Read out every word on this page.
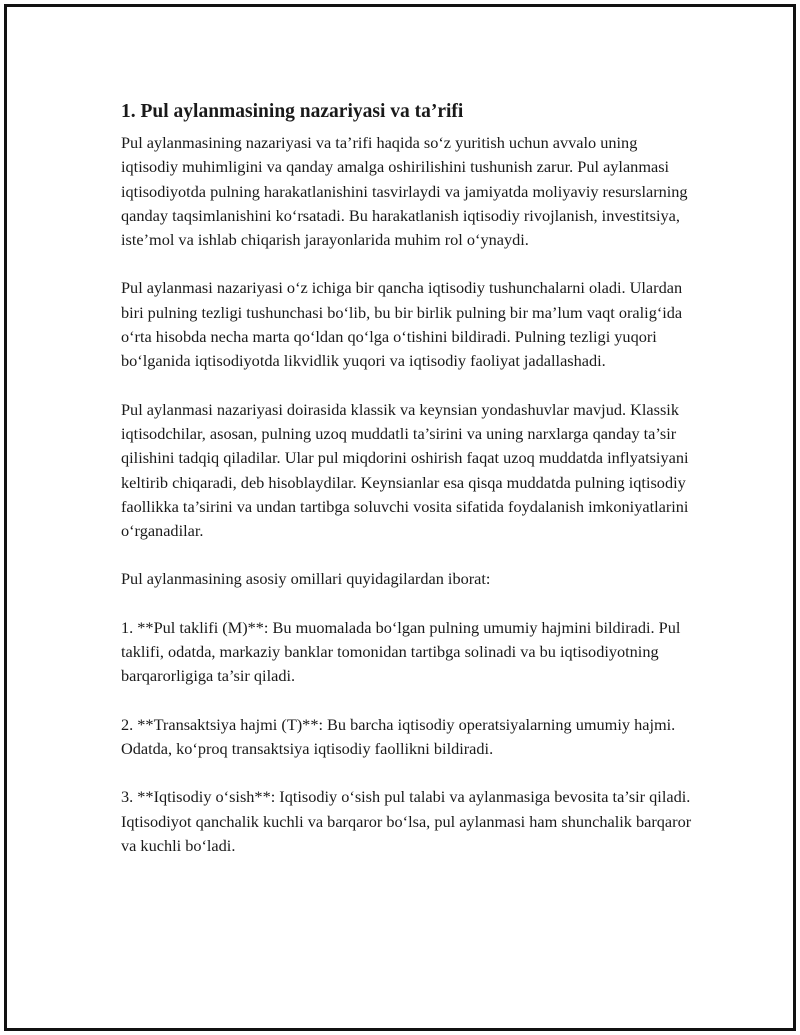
1. Pul aylanmasining nazariyasi va ta’rifi

Pul aylanmasining nazariyasi va ta’rifi haqida so‘z yuritish uchun avvalo uning iqtisodiy muhimligini va qanday amalga oshirilishini tushunish zarur. Pul aylanmasi iqtisodiyotda pulning harakatlanishini tasvirlaydi va jamiyatda moliyaviy resurslarning qanday taqsimlanishini ko‘rsatadi. Bu harakatlanish iqtisodiy rivojlanish, investitsiya, iste’mol va ishlab chiqarish jarayonlarida muhim rol o‘ynaydi.

Pul aylanmasi nazariyasi o‘z ichiga bir qancha iqtisodiy tushunchalarni oladi. Ulardan biri pulning tezligi tushunchasi bo‘lib, bu bir birlik pulning bir ma’lum vaqt oralig‘ida o‘rta hisobda necha marta qo‘ldan qo‘lga o‘tishini bildiradi. Pulning tezligi yuqori bo‘lganida iqtisodiyotda likvidlik yuqori va iqtisodiy faoliyat jadallashadi.

Pul aylanmasi nazariyasi doirasida klassik va keynsian yondashuvlar mavjud. Klassik iqtisodchilar, asosan, pulning uzoq muddatli ta’sirini va uning narxlarga qanday ta’sir qilishini tadqiq qiladilar. Ular pul miqdorini oshirish faqat uzoq muddatda inflyatsiyani keltirib chiqaradi, deb hisoblaydilar. Keynsianlar esa qisqa muddatda pulning iqtisodiy faollikka ta’sirini va undan tartibga soluvchi vosita sifatida foydalanish imkoniyatlarini o‘rganadilar.

Pul aylanmasining asosiy omillari quyidagilardan iborat:

1. **Pul taklifi (M)**: Bu muomalada bo‘lgan pulning umumiy hajmini bildiradi. Pul taklifi, odatda, markaziy banklar tomonidan tartibga solinadi va bu iqtisodiyotning barqarorligiga ta’sir qiladi.

2. **Transaktsiya hajmi (T)**: Bu barcha iqtisodiy operatsiyalarning umumiy hajmi. Odatda, ko‘proq transaktsiya iqtisodiy faollikni bildiradi.

3. **Iqtisodiy o‘sish**: Iqtisodiy o‘sish pul talabi va aylanmasiga bevosita ta’sir qiladi. Iqtisodiyot qanchalik kuchli va barqaror bo‘lsa, pul aylanmasi ham shunchalik barqaror va kuchli bo‘ladi.
